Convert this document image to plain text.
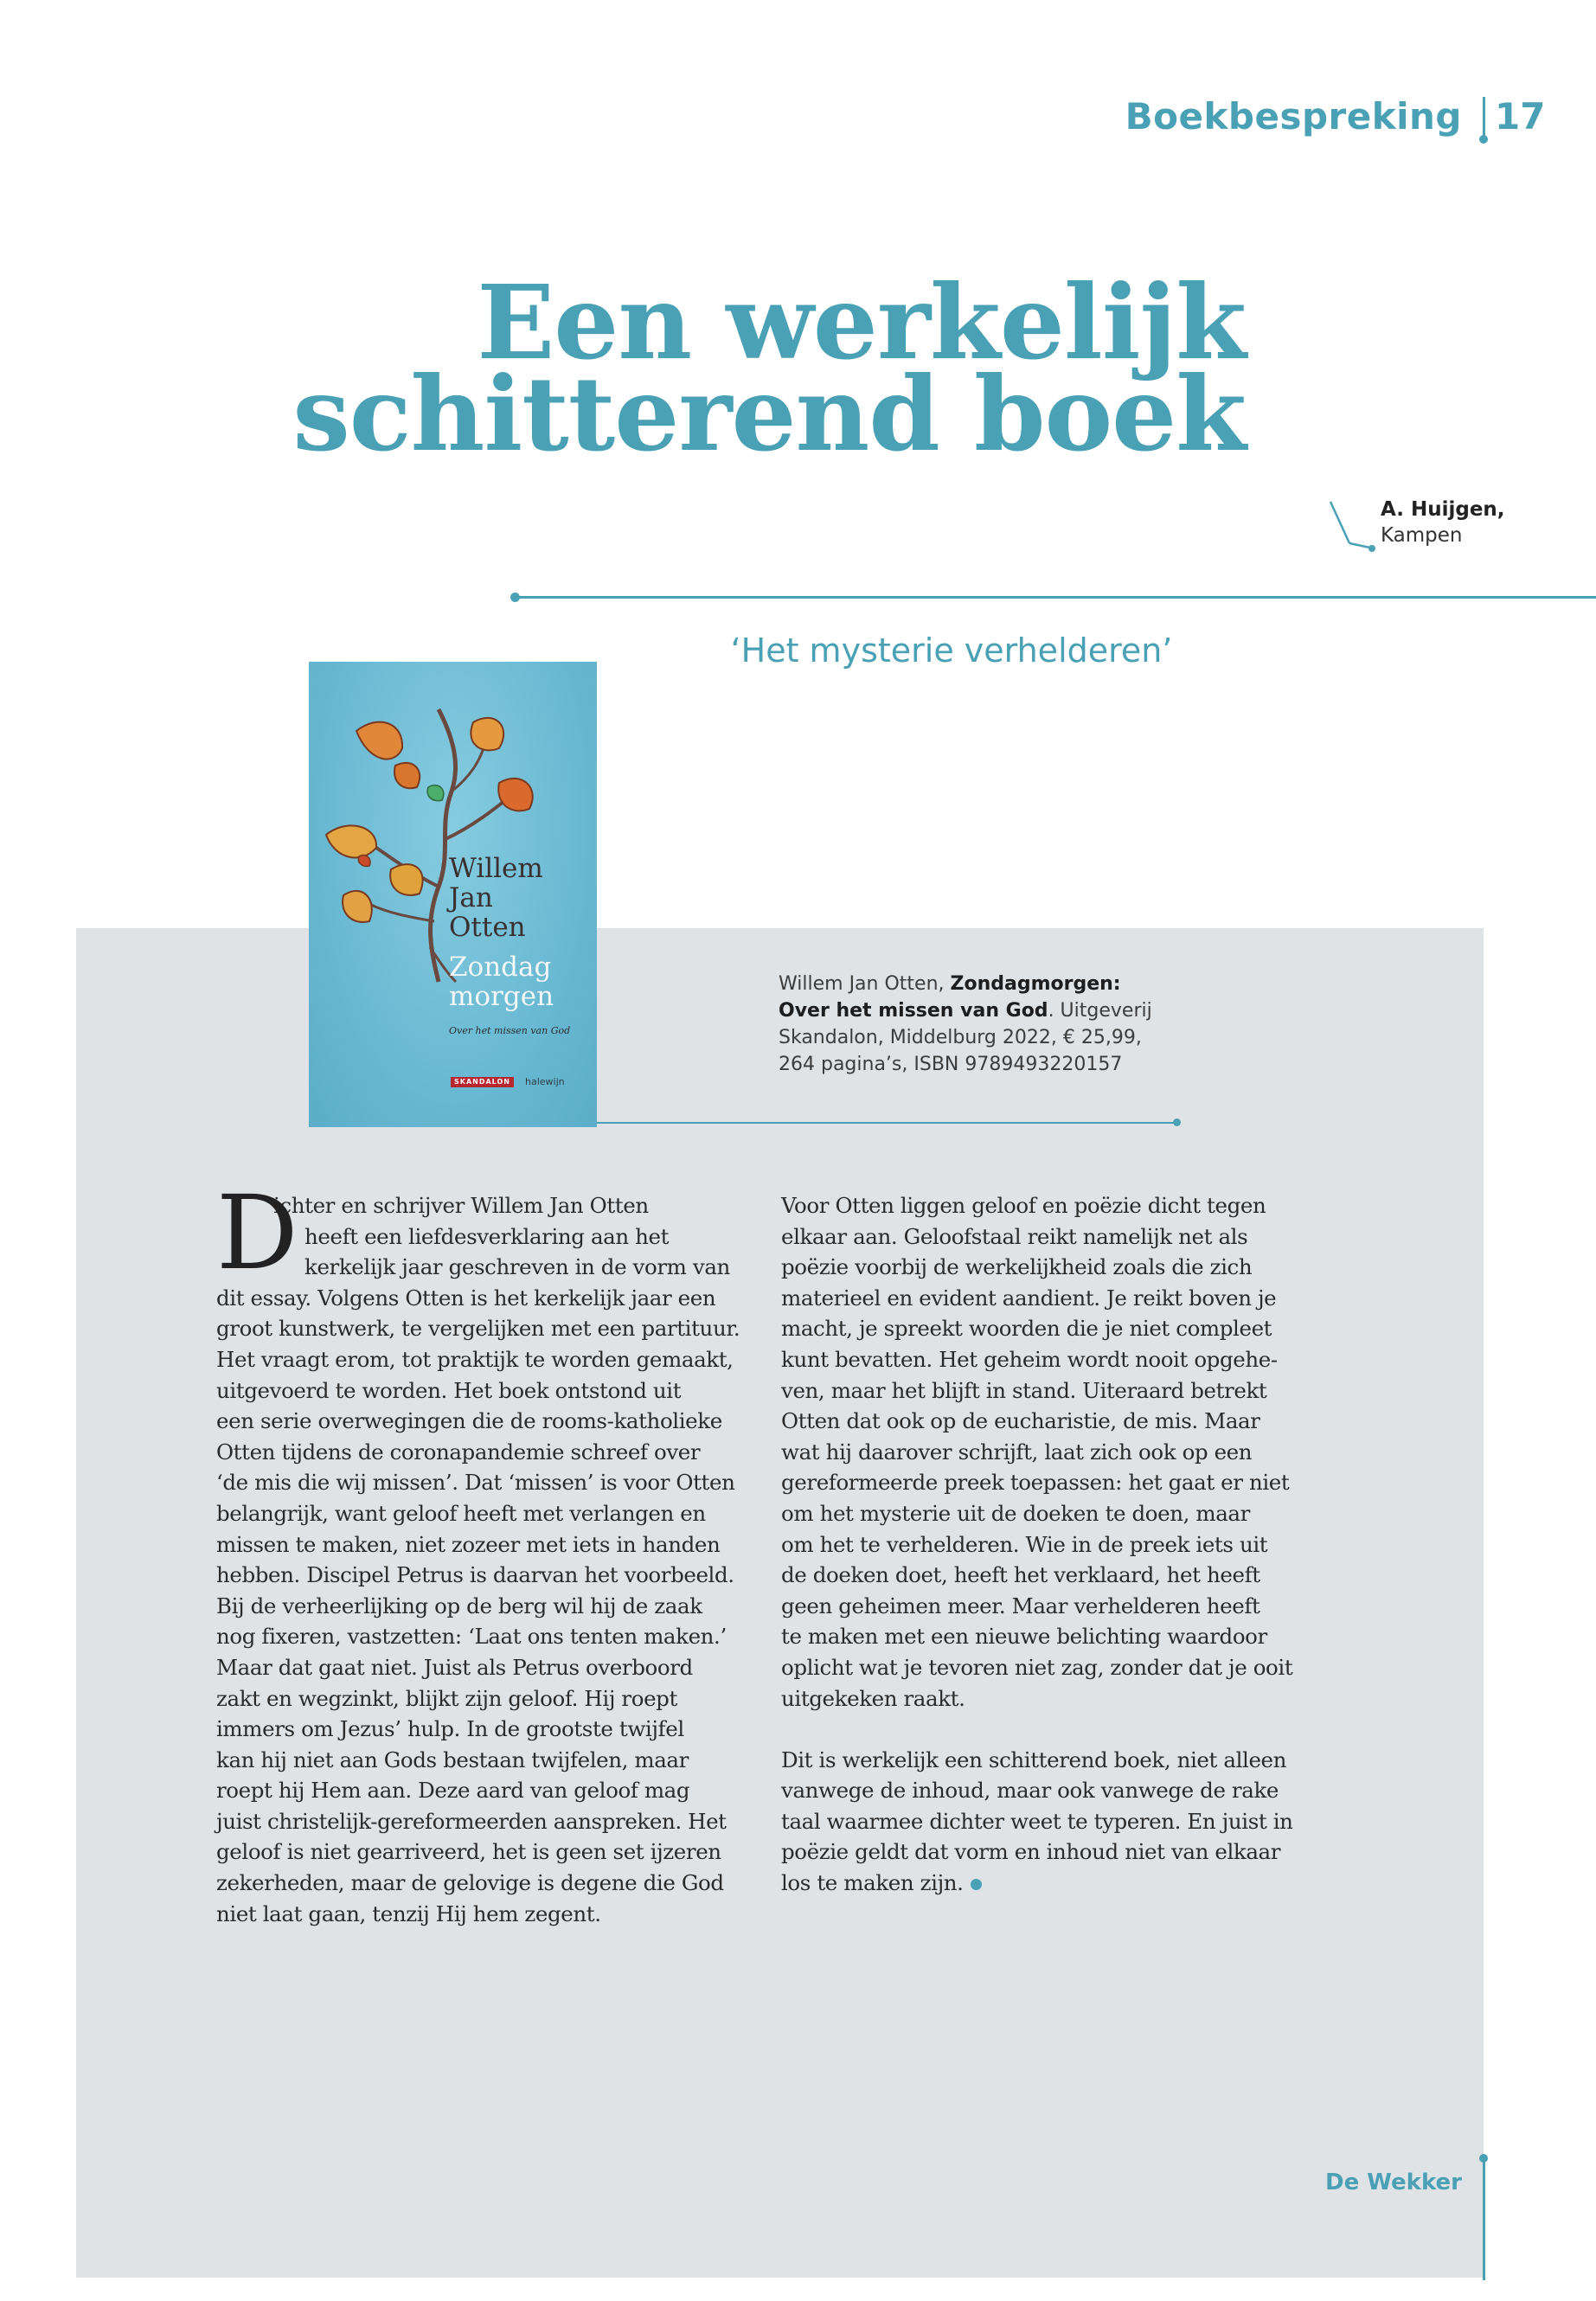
Boekbespreking 17
Een werkelijk
schitterend boek
A. Huijgen,
Kampen
‘Het mysterie verhelderen’
Willem
Jan
Otten
Zondag
morgen
Over het missen van God
SKANDALON	halewijn
Willem Jan Otten, Zondagmorgen:
Over het missen van God. Uitgeverij
Skandalon, Middelburg 2022, € 25,99,
264 pagina’s, ISBN 9789493220157
D
ichter en schrijver Willem Jan Otten
heeft een liefdesverklaring aan het
kerkelijk jaar geschreven in de vorm van
dit essay. Volgens Otten is het kerkelijk jaar een
groot kunstwerk, te vergelijken met een partituur.
Het vraagt erom, tot praktijk te worden gemaakt,
uitgevoerd te worden. Het boek ontstond uit
een serie overwegingen die de rooms-katholieke
Otten tijdens de coronapandemie schreef over
‘de mis die wij missen’. Dat ‘missen’ is voor Otten
belangrijk, want geloof heeft met verlangen en
missen te maken, niet zozeer met iets in handen
hebben. Discipel Petrus is daarvan het voorbeeld.
Bij de verheerlijking op de berg wil hij de zaak
nog fixeren, vastzetten: ‘Laat ons tenten maken.’
Maar dat gaat niet. Juist als Petrus overboord
zakt en wegzinkt, blijkt zijn geloof. Hij roept
immers om Jezus’ hulp. In de grootste twijfel
kan hij niet aan Gods bestaan twijfelen, maar
roept hij Hem aan. Deze aard van geloof mag
juist christelijk-gereformeerden aanspreken. Het
geloof is niet gearriveerd, het is geen set ijzeren
zekerheden, maar de gelovige is degene die God
niet laat gaan, tenzij Hij hem zegent.
Voor Otten liggen geloof en poëzie dicht tegen
elkaar aan. Geloofstaal reikt namelijk net als
poëzie voorbij de werkelijkheid zoals die zich
materieel en evident aandient. Je reikt boven je
macht, je spreekt woorden die je niet compleet
kunt bevatten. Het geheim wordt nooit opgehe-
ven, maar het blijft in stand. Uiteraard betrekt
Otten dat ook op de eucharistie, de mis. Maar
wat hij daarover schrijft, laat zich ook op een
gereformeerde preek toepassen: het gaat er niet
om het mysterie uit de doeken te doen, maar
om het te verhelderen. Wie in de preek iets uit
de doeken doet, heeft het verklaard, het heeft
geen geheimen meer. Maar verhelderen heeft
te maken met een nieuwe belichting waardoor
oplicht wat je tevoren niet zag, zonder dat je ooit
uitgekeken raakt.
Dit is werkelijk een schitterend boek, niet alleen
vanwege de inhoud, maar ook vanwege de rake
taal waarmee dichter weet te typeren. En juist in
poëzie geldt dat vorm en inhoud niet van elkaar
los te maken zijn.
De Wekker
